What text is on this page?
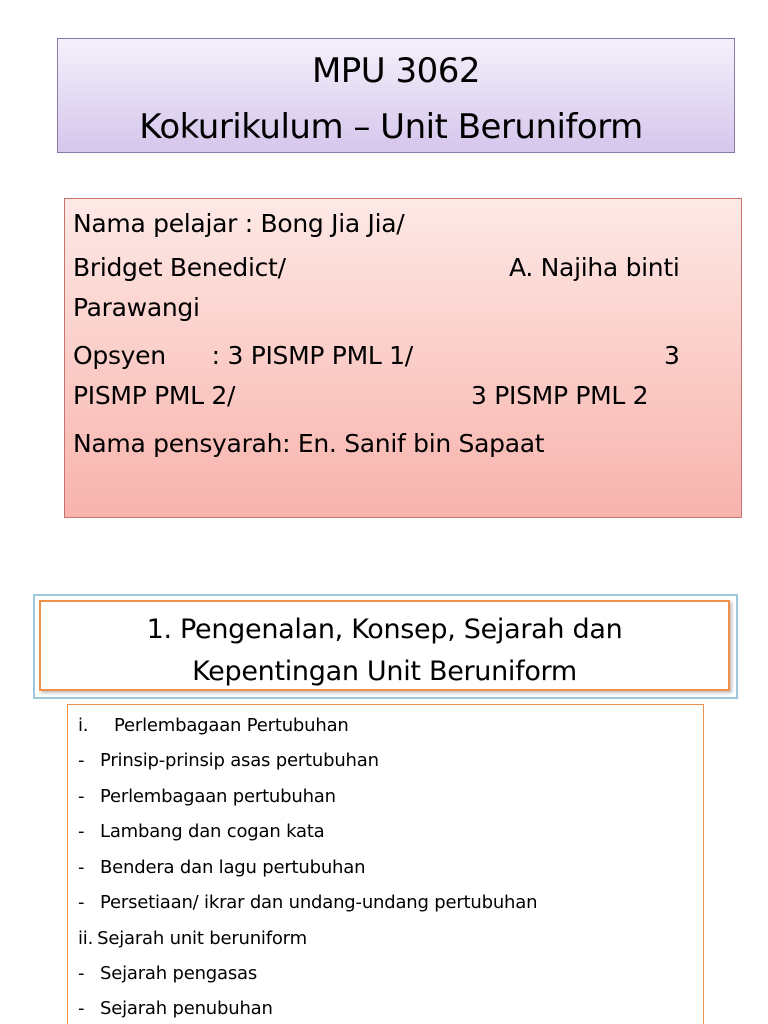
MPU 3062
Kokurikulum – Unit Beruniform
Nama pelajar : Bong Jia Jia/
Bridget Benedict/	A. Najiha binti
Parawangi
Opsyen      : 3 PISMP PML 1/	3
PISMP PML 2/	3 PISMP PML 2
Nama pensyarah: En. Sanif bin Sapaat
1. Pengenalan, Konsep, Sejarah dan
Kepentingan Unit Beruniform
i. Perlembagaan Pertubuhan
- Prinsip-prinsip asas pertubuhan
- Perlembagaan pertubuhan
- Lambang dan cogan kata
- Bendera dan lagu pertubuhan
- Persetiaan/ ikrar dan undang-undang pertubuhan
ii. Sejarah unit beruniform
- Sejarah pengasas
- Sejarah penubuhan
